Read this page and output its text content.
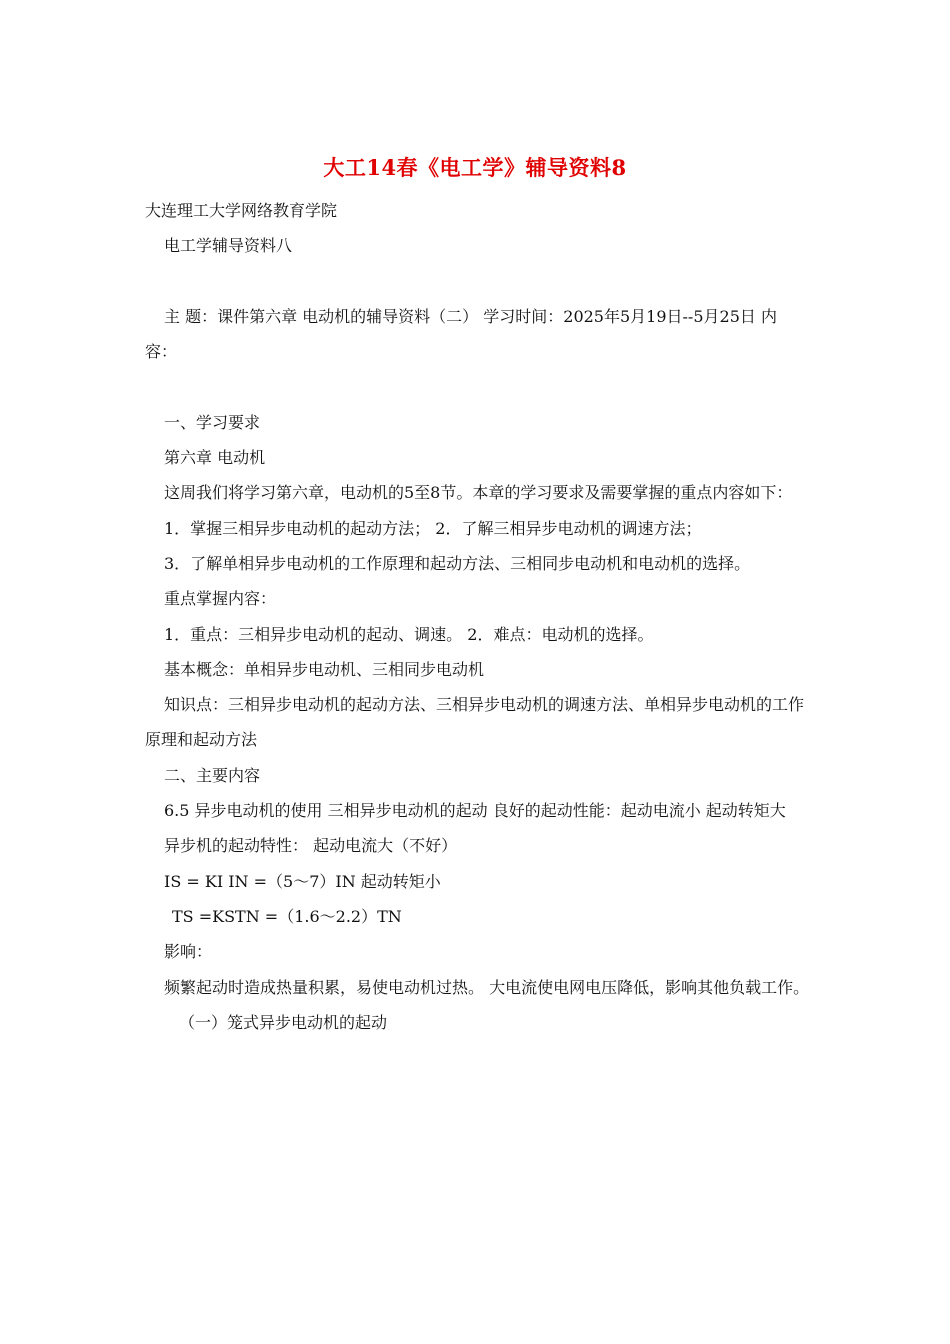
大工14春《电工学》辅导资料8

大连理工大学网络教育学院

电工学辅导资料八

主 题：课件第六章 电动机的辅导资料（二） 学习时间：2025年5月19日--5月25日 内 容：

一、学习要求

第六章 电动机

这周我们将学习第六章，电动机的5至8节。本章的学习要求及需要掌握的重点内容如下：

1．掌握三相异步电动机的起动方法； 2．了解三相异步电动机的调速方法；

3．了解单相异步电动机的工作原理和起动方法、三相同步电动机和电动机的选择。

重点掌握内容：

1．重点：三相异步电动机的起动、调速。 2．难点：电动机的选择。

基本概念：单相异步电动机、三相同步电动机

知识点：三相异步电动机的起动方法、三相异步电动机的调速方法、单相异步电动机的工作原理和起动方法

二、主要内容

6.5 异步电动机的使用 三相异步电动机的起动 良好的起动性能：起动电流小 起动转矩大

异步机的起动特性： 起动电流大（不好）

IS = KI IN =（5～7）IN 起动转矩小

TS =KSTN =（1.6～2.2）TN

影响：

频繁起动时造成热量积累，易使电动机过热。 大电流使电网电压降低，影响其他负载工作。

（一）笼式异步电动机的起动
